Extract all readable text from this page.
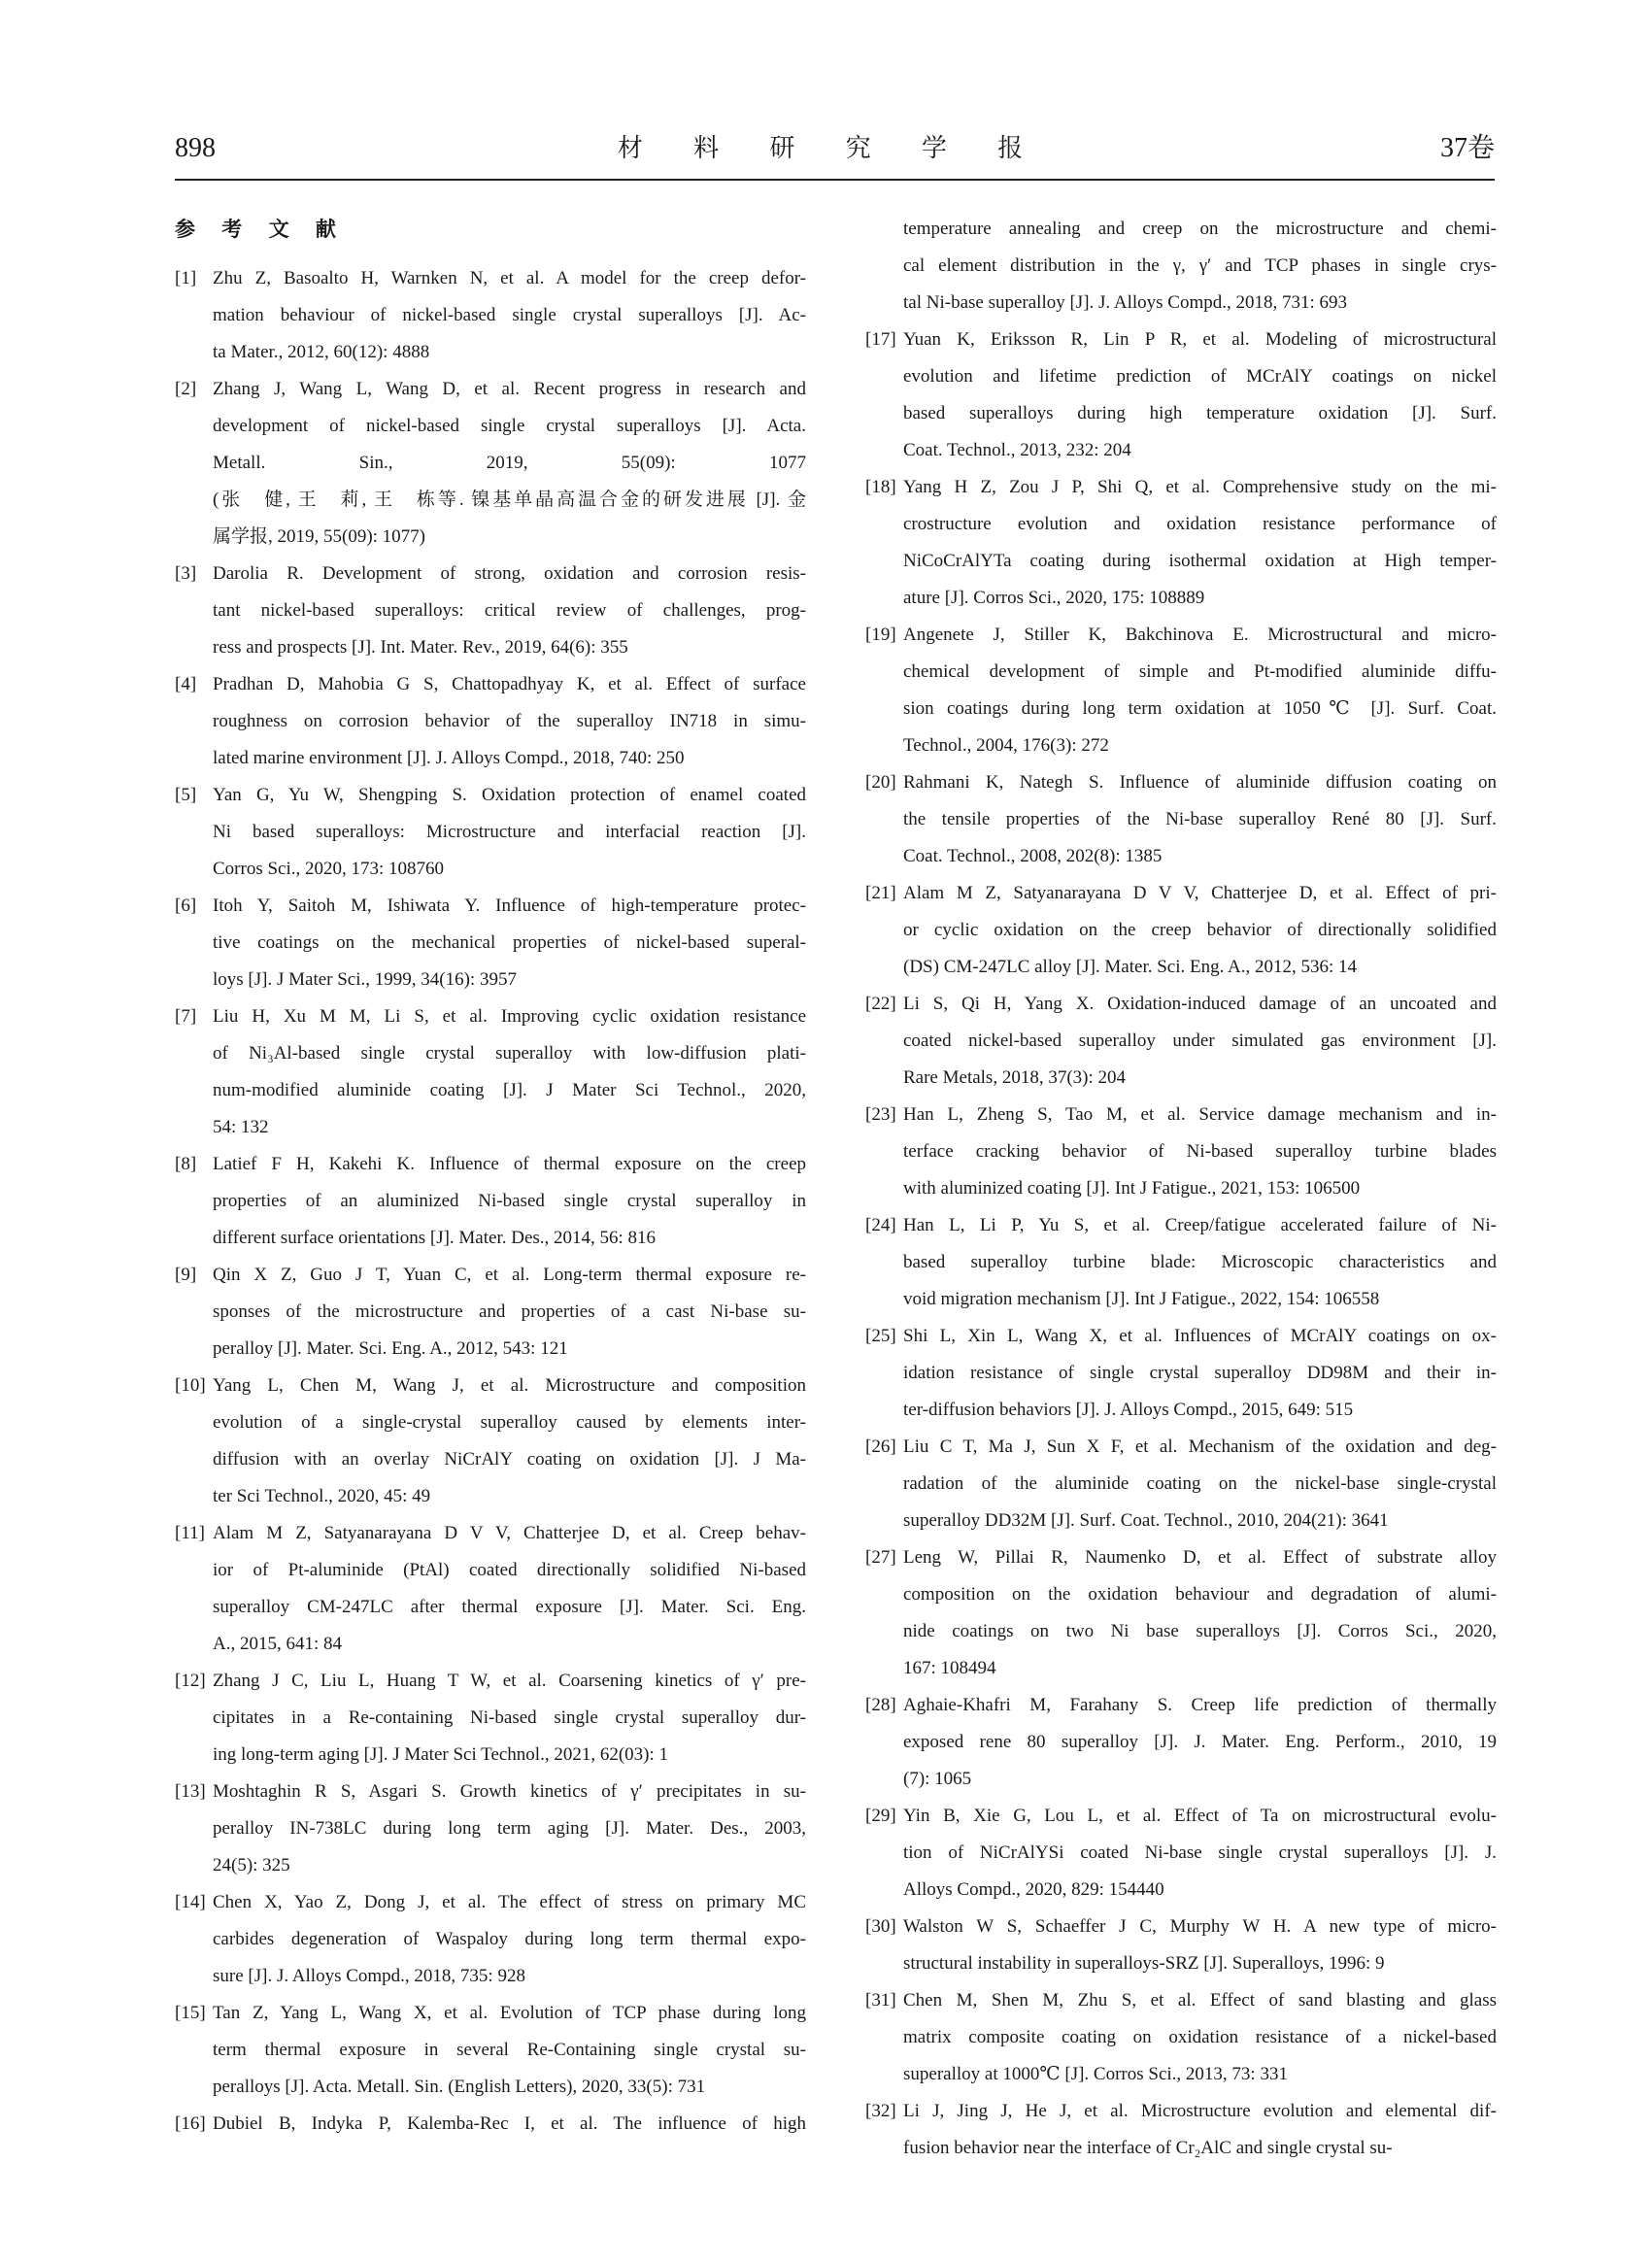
898	材 料 研 究 学 报	37卷
参 考 文 献
[1] Zhu Z, Basoalto H, Warnken N, et al. A model for the creep defor-
mation behaviour of nickel-based single crystal superalloys [J]. Ac-
ta Mater., 2012, 60(12): 4888
[2] Zhang J, Wang L, Wang D, et al. Recent progress in research and
development of nickel-based single crystal superalloys [J]. Acta.
Metall. Sin., 2019, 55(09): 1077
(张　健, 王　莉, 王　栋等. 镍基单晶高温合金的研发进展 [J]. 金
属学报, 2019, 55(09): 1077)
[3] Darolia R. Development of strong, oxidation and corrosion resis-
tant nickel-based superalloys: critical review of challenges, prog-
ress and prospects [J]. Int. Mater. Rev., 2019, 64(6): 355
[4] Pradhan D, Mahobia G S, Chattopadhyay K, et al. Effect of surface
roughness on corrosion behavior of the superalloy IN718 in simu-
lated marine environment [J]. J. Alloys Compd., 2018, 740: 250
[5] Yan G, Yu W, Shengping S. Oxidation protection of enamel coated
Ni based superalloys: Microstructure and interfacial reaction [J].
Corros Sci., 2020, 173: 108760
[6] Itoh Y, Saitoh M, Ishiwata Y. Influence of high-temperature protec-
tive coatings on the mechanical properties of nickel-based superal-
loys [J]. J Mater Sci., 1999, 34(16): 3957
[7] Liu H, Xu M M, Li S, et al. Improving cyclic oxidation resistance
of Ni₃Al-based single crystal superalloy with low-diffusion plati-
num-modified aluminide coating [J]. J Mater Sci Technol., 2020,
54: 132
[8] Latief F H, Kakehi K. Influence of thermal exposure on the creep
properties of an aluminized Ni-based single crystal superalloy in
different surface orientations [J]. Mater. Des., 2014, 56: 816
[9] Qin X Z, Guo J T, Yuan C, et al. Long-term thermal exposure re-
sponses of the microstructure and properties of a cast Ni-base su-
peralloy [J]. Mater. Sci. Eng. A., 2012, 543: 121
[10] Yang L, Chen M, Wang J, et al. Microstructure and composition
evolution of a single-crystal superalloy caused by elements inter-
diffusion with an overlay NiCrAlY coating on oxidation [J]. J Ma-
ter Sci Technol., 2020, 45: 49
[11] Alam M Z, Satyanarayana D V V, Chatterjee D, et al. Creep behav-
ior of Pt-aluminide (PtAl) coated directionally solidified Ni-based
superalloy CM-247LC after thermal exposure [J]. Mater. Sci. Eng.
A., 2015, 641: 84
[12] Zhang J C, Liu L, Huang T W, et al. Coarsening kinetics of γ′ pre-
cipitates in a Re-containing Ni-based single crystal superalloy dur-
ing long-term aging [J]. J Mater Sci Technol., 2021, 62(03): 1
[13] Moshtaghin R S, Asgari S. Growth kinetics of γ′ precipitates in su-
peralloy IN-738LC during long term aging [J]. Mater. Des., 2003,
24(5): 325
[14] Chen X, Yao Z, Dong J, et al. The effect of stress on primary MC
carbides degeneration of Waspaloy during long term thermal expo-
sure [J]. J. Alloys Compd., 2018, 735: 928
[15] Tan Z, Yang L, Wang X, et al. Evolution of TCP phase during long
term thermal exposure in several Re-Containing single crystal su-
peralloys [J]. Acta. Metall. Sin. (English Letters), 2020, 33(5): 731
[16] Dubiel B, Indyka P, Kalemba-Rec I, et al. The influence of high
temperature annealing and creep on the microstructure and chemi-
cal element distribution in the γ, γ′ and TCP phases in single crys-
tal Ni-base superalloy [J]. J. Alloys Compd., 2018, 731: 693
[17] Yuan K, Eriksson R, Lin P R, et al. Modeling of microstructural
evolution and lifetime prediction of MCrAlY coatings on nickel
based superalloys during high temperature oxidation [J]. Surf.
Coat. Technol., 2013, 232: 204
[18] Yang H Z, Zou J P, Shi Q, et al. Comprehensive study on the mi-
crostructure evolution and oxidation resistance performance of
NiCoCrAlYTa coating during isothermal oxidation at High temper-
ature [J]. Corros Sci., 2020, 175: 108889
[19] Angenete J, Stiller K, Bakchinova E. Microstructural and micro-
chemical development of simple and Pt-modified aluminide diffu-
sion coatings during long term oxidation at 1050℃ [J]. Surf. Coat.
Technol., 2004, 176(3): 272
[20] Rahmani K, Nategh S. Influence of aluminide diffusion coating on
the tensile properties of the Ni-base superalloy René 80 [J]. Surf.
Coat. Technol., 2008, 202(8): 1385
[21] Alam M Z, Satyanarayana D V V, Chatterjee D, et al. Effect of pri-
or cyclic oxidation on the creep behavior of directionally solidified
(DS) CM-247LC alloy [J]. Mater. Sci. Eng. A., 2012, 536: 14
[22] Li S, Qi H, Yang X. Oxidation-induced damage of an uncoated and
coated nickel-based superalloy under simulated gas environment [J].
Rare Metals, 2018, 37(3): 204
[23] Han L, Zheng S, Tao M, et al. Service damage mechanism and in-
terface cracking behavior of Ni-based superalloy turbine blades
with aluminized coating [J]. Int J Fatigue., 2021, 153: 106500
[24] Han L, Li P, Yu S, et al. Creep/fatigue accelerated failure of Ni-
based superalloy turbine blade: Microscopic characteristics and
void migration mechanism [J]. Int J Fatigue., 2022, 154: 106558
[25] Shi L, Xin L, Wang X, et al. Influences of MCrAlY coatings on ox-
idation resistance of single crystal superalloy DD98M and their in-
ter-diffusion behaviors [J]. J. Alloys Compd., 2015, 649: 515
[26] Liu C T, Ma J, Sun X F, et al. Mechanism of the oxidation and deg-
radation of the aluminide coating on the nickel-base single-crystal
superalloy DD32M [J]. Surf. Coat. Technol., 2010, 204(21): 3641
[27] Leng W, Pillai R, Naumenko D, et al. Effect of substrate alloy
composition on the oxidation behaviour and degradation of alumi-
nide coatings on two Ni base superalloys [J]. Corros Sci., 2020,
167: 108494
[28] Aghaie-Khafri M, Farahany S. Creep life prediction of thermally
exposed rene 80 superalloy [J]. J. Mater. Eng. Perform., 2010, 19
(7): 1065
[29] Yin B, Xie G, Lou L, et al. Effect of Ta on microstructural evolu-
tion of NiCrAlYSi coated Ni-base single crystal superalloys [J]. J.
Alloys Compd., 2020, 829: 154440
[30] Walston W S, Schaeffer J C, Murphy W H. A new type of micro-
structural instability in superalloys-SRZ [J]. Superalloys, 1996: 9
[31] Chen M, Shen M, Zhu S, et al. Effect of sand blasting and glass
matrix composite coating on oxidation resistance of a nickel-based
superalloy at 1000℃ [J]. Corros Sci., 2013, 73: 331
[32] Li J, Jing J, He J, et al. Microstructure evolution and elemental dif-
fusion behavior near the interface of Cr₂AlC and single crystal su-
